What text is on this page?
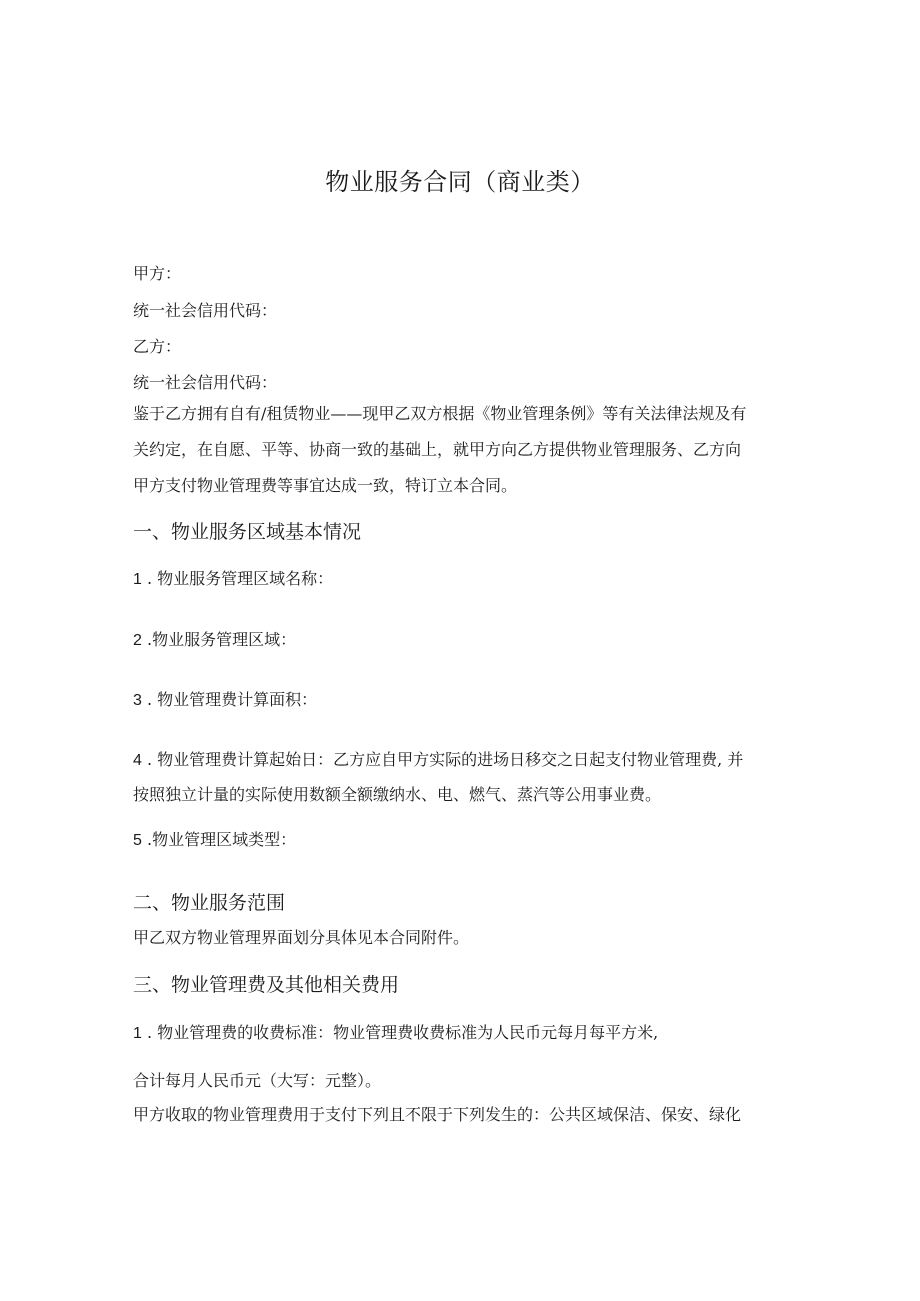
物业服务合同（商业类）

甲方：

统一社会信用代码：

乙方：

统一社会信用代码：

鉴于乙方拥有自有/租赁物业——现甲乙双方根据《物业管理条例》等有关法律法规及有

关约定，在自愿、平等、协商一致的基础上，就甲方向乙方提供物业管理服务、乙方向

甲方支付物业管理费等事宜达成一致，特订立本合同。

一、物业服务区域基本情况

1 . 物业服务管理区域名称：

2 .物业服务管理区域：

3 . 物业管理费计算面积：

4 . 物业管理费计算起始日：乙方应自甲方实际的进场日移交之日起支付物业管理费, 并

按照独立计量的实际使用数额全额缴纳水、电、燃气、蒸汽等公用事业费。

5 .物业管理区域类型：

二、物业服务范围

甲乙双方物业管理界面划分具体见本合同附件。

三、物业管理费及其他相关费用

1 . 物业管理费的收费标准：物业管理费收费标准为人民币元每月每平方米,

合计每月人民币元（大写：元整）。

甲方收取的物业管理费用于支付下列且不限于下列发生的：公共区域保洁、保安、绿化
